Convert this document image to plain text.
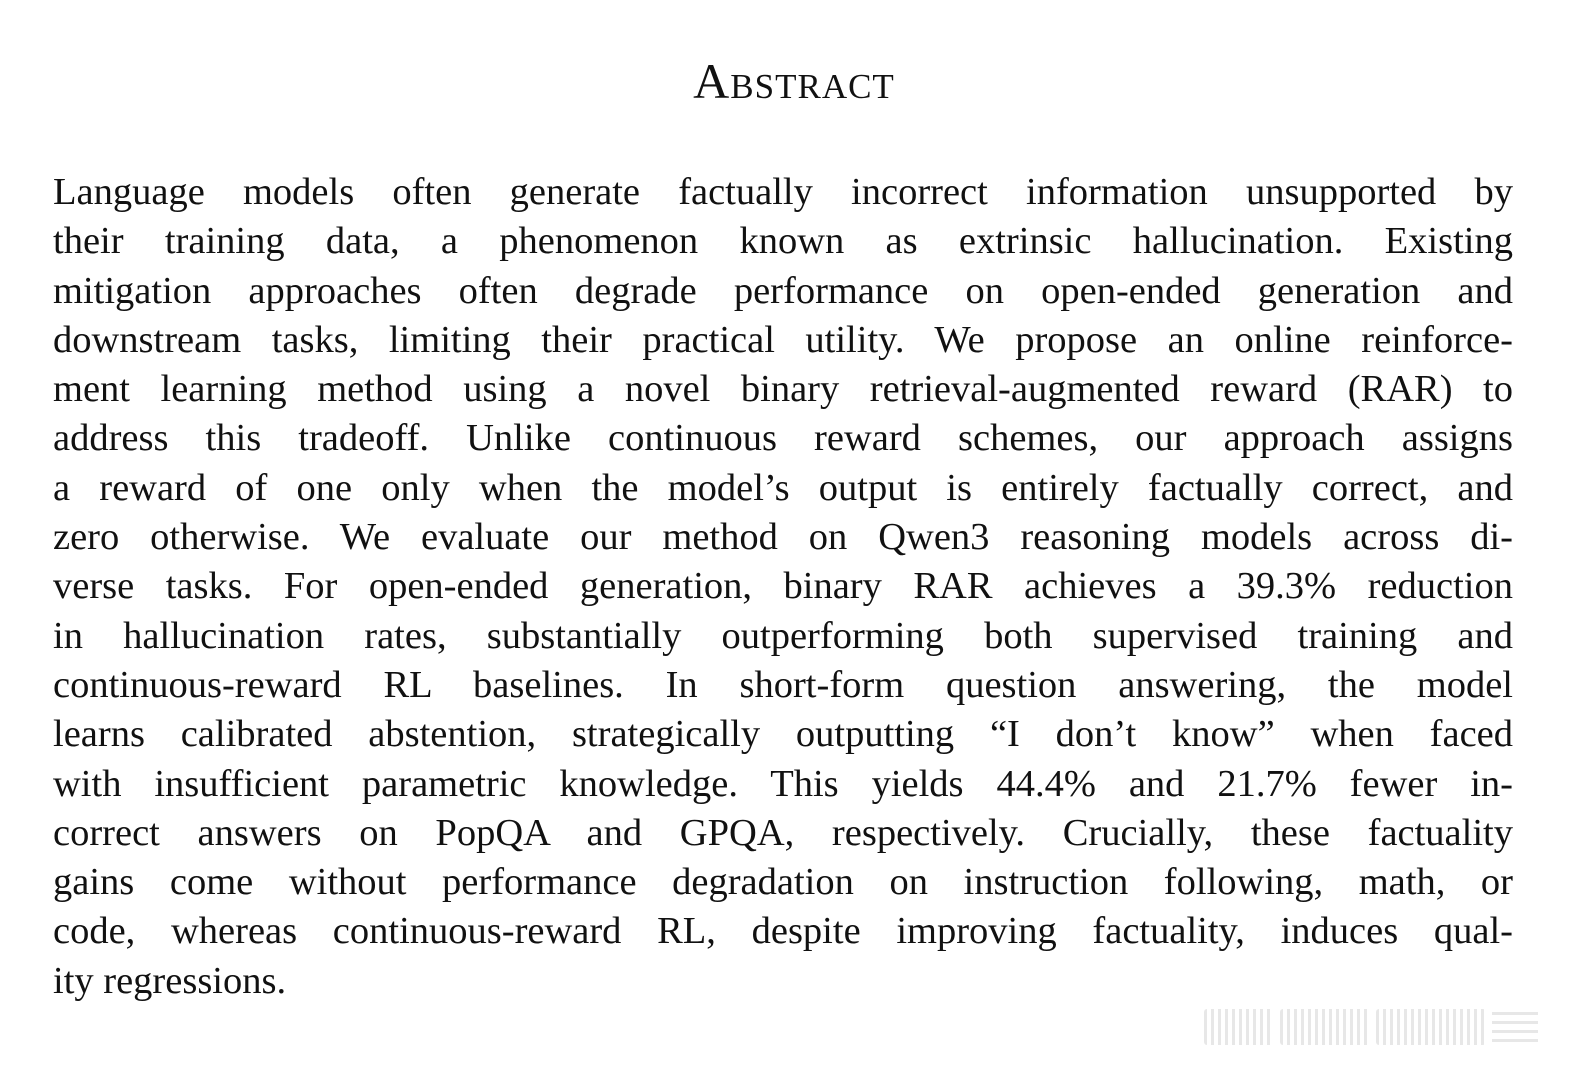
Abstract
Language models often generate factually incorrect information unsupported by
their training data, a phenomenon known as extrinsic hallucination. Existing
mitigation approaches often degrade performance on open-ended generation and
downstream tasks, limiting their practical utility. We propose an online reinforce-
ment learning method using a novel binary retrieval-augmented reward (RAR) to
address this tradeoff. Unlike continuous reward schemes, our approach assigns
a reward of one only when the model’s output is entirely factually correct, and
zero otherwise. We evaluate our method on Qwen3 reasoning models across di-
verse tasks. For open-ended generation, binary RAR achieves a 39.3% reduction
in hallucination rates, substantially outperforming both supervised training and
continuous-reward RL baselines. In short-form question answering, the model
learns calibrated abstention, strategically outputting “I don’t know” when faced
with insufficient parametric knowledge. This yields 44.4% and 21.7% fewer in-
correct answers on PopQA and GPQA, respectively. Crucially, these factuality
gains come without performance degradation on instruction following, math, or
code, whereas continuous-reward RL, despite improving factuality, induces qual-
ity regressions.
